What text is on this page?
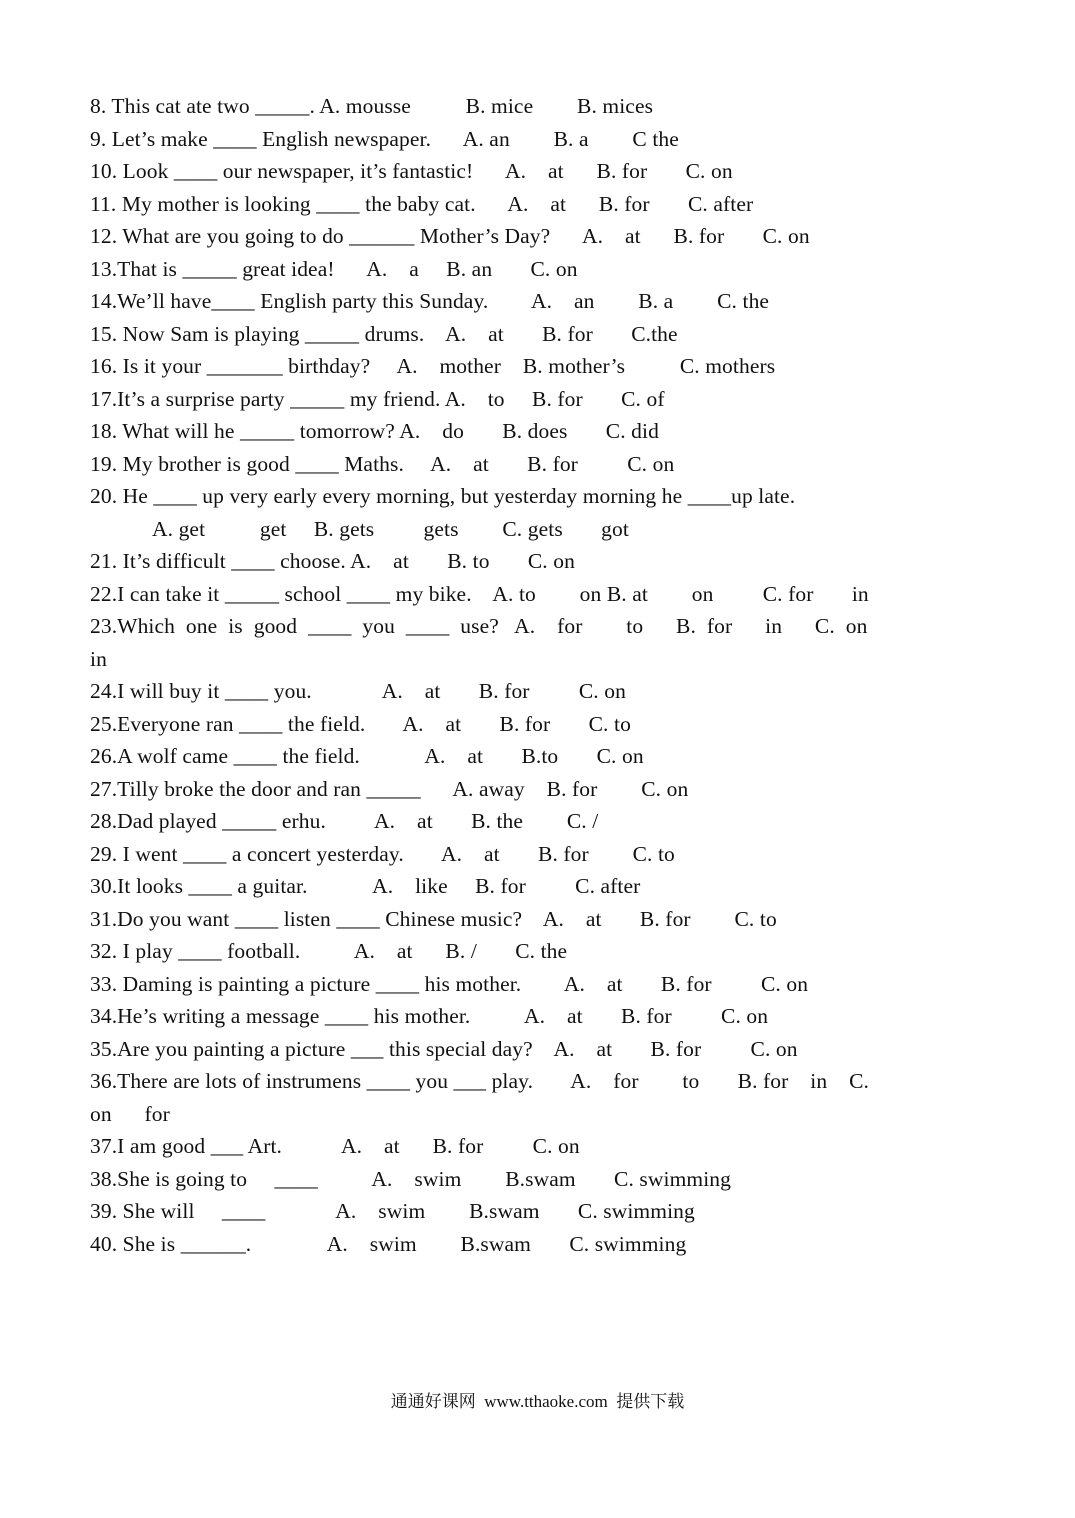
8. This cat ate two _____. A. mousse          B. mice        B. mices
9. Let’s make ____ English newspaper.      A. an        B. a        C the
10. Look ____ our newspaper, it’s fantastic!      A.    at      B. for       C. on
11. My mother is looking ____ the baby cat.      A.    at      B. for       C. after
12. What are you going to do ______ Mother’s Day?      A.    at      B. for       C. on
13.That is _____ great idea!      A.    a     B. an       C. on
14.We’ll have____ English party this Sunday.        A.    an        B. a        C. the
15. Now Sam is playing _____ drums.    A.    at       B. for       C.the
16. Is it your _______ birthday?     A.    mother    B. mother’s          C. mothers
17.It’s a surprise party _____ my friend. A.    to     B. for       C. of
18. What will he _____ tomorrow? A.    do       B. does       C. did
19. My brother is good ____ Maths.     A.    at       B. for         C. on
20. He ____ up very early every morning, but yesterday morning he ____up late.
A. get          get     B. gets         gets        C. gets       got
21. It’s difficult ____ choose. A.    at       B. to       C. on
22.I can take it _____ school ____ my bike.    A. to        on B. at        on         C. for       in
23.Which  one  is  good  ____  you  ____  use?   A.    for        to      B.  for      in      C.  on
in
24.I will buy it ____ you.             A.    at       B. for         C. on
25.Everyone ran ____ the field.       A.    at       B. for       C. to
26.A wolf came ____ the field.            A.    at       B.to       C. on
27.Tilly broke the door and ran _____      A. away    B. for        C. on
28.Dad played _____ erhu.         A.    at       B. the        C. /
29. I went ____ a concert yesterday.       A.    at       B. for        C. to
30.It looks ____ a guitar.            A.    like     B. for         C. after
31.Do you want ____ listen ____ Chinese music?    A.    at       B. for        C. to
32. I play ____ football.          A.    at      B. /       C. the
33. Daming is painting a picture ____ his mother.        A.    at       B. for         C. on
34.He’s writing a message ____ his mother.          A.    at       B. for         C. on
35.Are you painting a picture ___ this special day?    A.    at       B. for         C. on
36.There are lots of instrumens ____ you ___ play.       A.    for        to       B. for    in    C.
on      for
37.I am good ___ Art.           A.    at      B. for         C. on
38.She is going to     ____          A.    swim        B.swam       C. swimming
39. She will     ____             A.    swim        B.swam       C. swimming
40. She is ______.              A.    swim        B.swam       C. swimming
通通好课网  www.tthaoke.com  提供下载
